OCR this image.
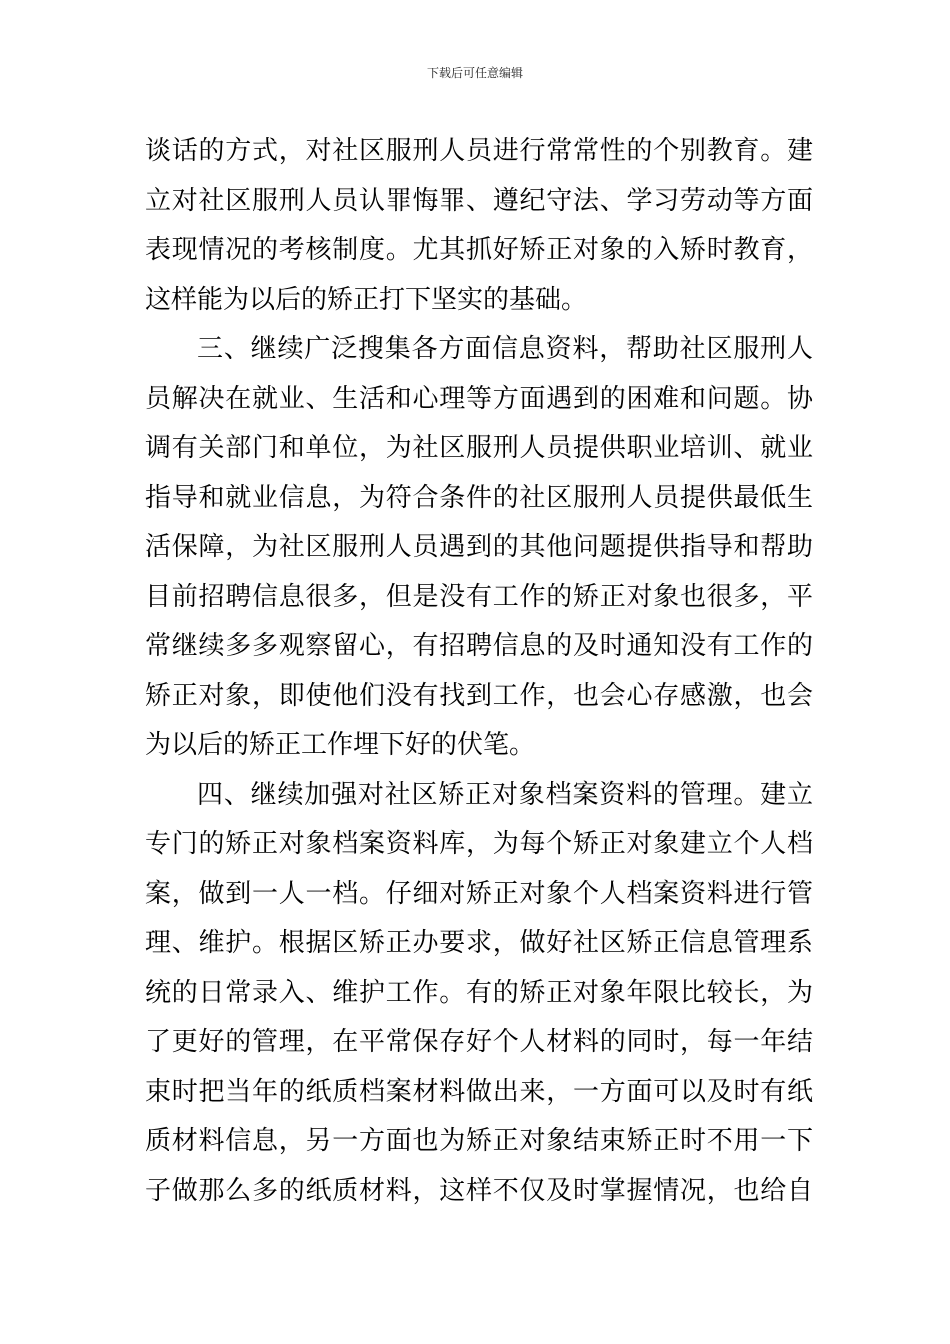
下载后可任意编辑
谈话的方式，对社区服刑人员进行常常性的个别教育。建
立对社区服刑人员认罪悔罪、遵纪守法、学习劳动等方面
表现情况的考核制度。尤其抓好矫正对象的入矫时教育，
这样能为以后的矫正打下坚实的基础。
三、继续广泛搜集各方面信息资料，帮助社区服刑人
员解决在就业、生活和心理等方面遇到的困难和问题。协
调有关部门和单位，为社区服刑人员提供职业培训、就业
指导和就业信息，为符合条件的社区服刑人员提供最低生
活保障，为社区服刑人员遇到的其他问题提供指导和帮助
目前招聘信息很多，但是没有工作的矫正对象也很多，平
常继续多多观察留心，有招聘信息的及时通知没有工作的
矫正对象，即使他们没有找到工作，也会心存感激，也会
为以后的矫正工作埋下好的伏笔。
四、继续加强对社区矫正对象档案资料的管理。建立
专门的矫正对象档案资料库，为每个矫正对象建立个人档
案，做到一人一档。仔细对矫正对象个人档案资料进行管
理、维护。根据区矫正办要求，做好社区矫正信息管理系
统的日常录入、维护工作。有的矫正对象年限比较长，为
了更好的管理，在平常保存好个人材料的同时，每一年结
束时把当年的纸质档案材料做出来，一方面可以及时有纸
质材料信息，另一方面也为矫正对象结束矫正时不用一下
子做那么多的纸质材料，这样不仅及时掌握情况，也给自
